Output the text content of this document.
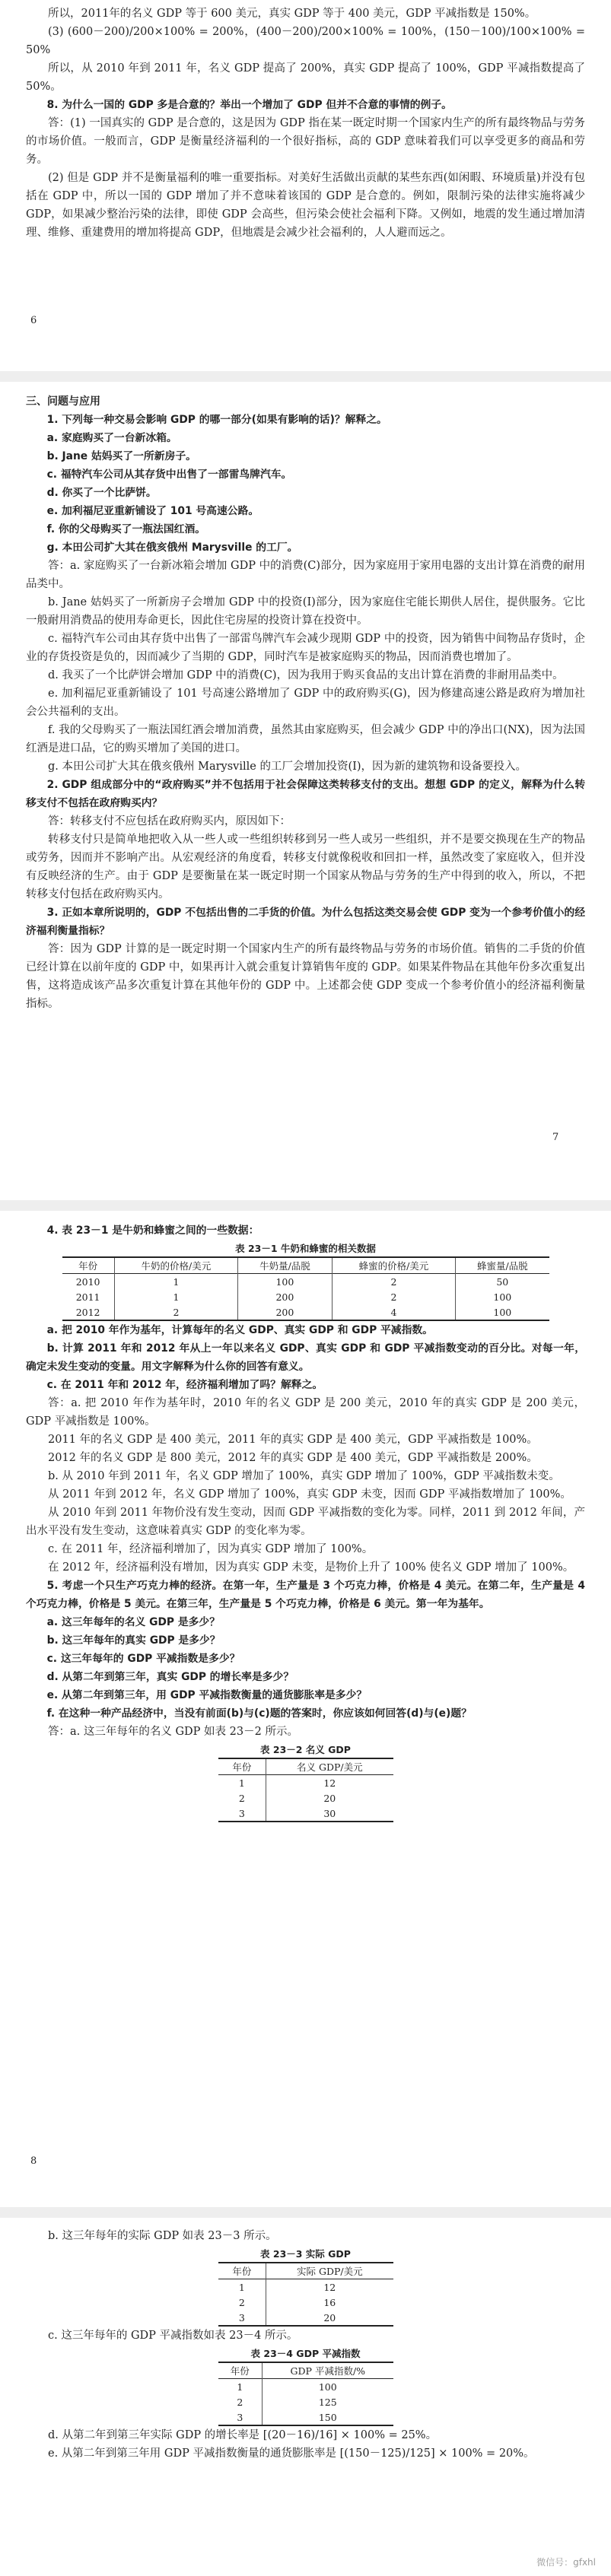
所以，2011年的名义 GDP 等于 600 美元，真实 GDP 等于 400 美元，GDP 平减指数是 150%。

(3) (600－200)/200×100% = 200%，(400－200)/200×100% = 100%，(150－100)/100×100% = 50%

所以，从 2010 年到 2011 年，名义 GDP 提高了 200%，真实 GDP 提高了 100%，GDP 平减指数提高了 50%。

8. 为什么一国的 GDP 多是合意的？举出一个增加了 GDP 但并不合意的事情的例子。

答：(1) 一国真实的 GDP 是合意的，这是因为 GDP 指在某一既定时期一个国家内生产的所有最终物品与劳务的市场价值。一般而言，GDP 是衡量经济福利的一个很好指标，高的 GDP 意味着我们可以享受更多的商品和劳务。

(2) 但是 GDP 并不是衡量福利的唯一重要指标。对美好生活做出贡献的某些东西(如闲暇、环境质量)并没有包括在 GDP 中，所以一国的 GDP 增加了并不意味着该国的 GDP 是合意的。例如，限制污染的法律实施将减少 GDP，如果减少整治污染的法律，即使 GDP 会高些，但污染会使社会福利下降。又例如，地震的发生通过增加清理、维修、重建费用的增加将提高 GDP，但地震是会减少社会福利的，人人避而远之。

6

三、问题与应用

1. 下列每一种交易会影响 GDP 的哪一部分(如果有影响的话)？解释之。

a. 家庭购买了一台新冰箱。

b. Jane 姑妈买了一所新房子。

c. 福特汽车公司从其存货中出售了一部雷鸟牌汽车。

d. 你买了一个比萨饼。

e. 加利福尼亚重新铺设了 101 号高速公路。

f. 你的父母购买了一瓶法国红酒。

g. 本田公司扩大其在俄亥俄州 Marysville 的工厂。

答：a. 家庭购买了一台新冰箱会增加 GDP 中的消费(C)部分，因为家庭用于家用电器的支出计算在消费的耐用品类中。

b. Jane 姑妈买了一所新房子会增加 GDP 中的投资(I)部分，因为家庭住宅能长期供人居住，提供服务。它比一般耐用消费品的使用寿命更长，因此住宅房屋的投资计算在投资中。

c. 福特汽车公司由其存货中出售了一部雷鸟牌汽车会减少现期 GDP 中的投资，因为销售中间物品存货时，企业的存货投资是负的，因而减少了当期的 GDP，同时汽车是被家庭购买的物品，因而消费也增加了。

d. 我买了一个比萨饼会增加 GDP 中的消费(C)，因为我用于购买食品的支出计算在消费的非耐用品类中。

e. 加利福尼亚重新铺设了 101 号高速公路增加了 GDP 中的政府购买(G)，因为修建高速公路是政府为增加社会公共福利的支出。

f. 我的父母购买了一瓶法国红酒会增加消费，虽然其由家庭购买，但会减少 GDP 中的净出口(NX)，因为法国红酒是进口品，它的购买增加了美国的进口。

g. 本田公司扩大其在俄亥俄州 Marysville 的工厂会增加投资(I)，因为新的建筑物和设备要投入。

2. GDP 组成部分中的“政府购买”并不包括用于社会保障这类转移支付的支出。想想 GDP 的定义，解释为什么转移支付不包括在政府购买内？

答：转移支付不应包括在政府购买内，原因如下：

转移支付只是简单地把收入从一些人或一些组织转移到另一些人或另一些组织，并不是要交换现在生产的物品或劳务，因而并不影响产出。从宏观经济的角度看，转移支付就像税收和回扣一样，虽然改变了家庭收入，但并没有反映经济的生产。由于 GDP 是要衡量在某一既定时期一个国家从物品与劳务的生产中得到的收入，所以，不把转移支付包括在政府购买内。

3. 正如本章所说明的，GDP 不包括出售的二手货的价值。为什么包括这类交易会使 GDP 变为一个参考价值小的经济福利衡量指标？

答：因为 GDP 计算的是一既定时期一个国家内生产的所有最终物品与劳务的市场价值。销售的二手货的价值已经计算在以前年度的 GDP 中，如果再计入就会重复计算销售年度的 GDP。如果某件物品在其他年份多次重复出售，这将造成该产品多次重复计算在其他年份的 GDP 中。上述都会使 GDP 变成一个参考价值小的经济福利衡量指标。

7

4. 表 23－1 是牛奶和蜂蜜之间的一些数据：

表 23－1 牛奶和蜂蜜的相关数据
年份	牛奶的价格/美元	牛奶量/品脱	蜂蜜的价格/美元	蜂蜜量/品脱
2010	1	100	2	50
2011	1	200	2	100
2012	2	200	4	100

a. 把 2010 年作为基年，计算每年的名义 GDP、真实 GDP 和 GDP 平减指数。

b. 计算 2011 年和 2012 年从上一年以来名义 GDP、真实 GDP 和 GDP 平减指数变动的百分比。对每一年，确定未发生变动的变量。用文字解释为什么你的回答有意义。

c. 在 2011 年和 2012 年，经济福利增加了吗？解释之。

答：a. 把 2010 年作为基年时，2010 年的名义 GDP 是 200 美元，2010 年的真实 GDP 是 200 美元，GDP 平减指数是 100%。

2011 年的名义 GDP 是 400 美元，2011 年的真实 GDP 是 400 美元，GDP 平减指数是 100%。

2012 年的名义 GDP 是 800 美元，2012 年的真实 GDP 是 400 美元，GDP 平减指数是 200%。

b. 从 2010 年到 2011 年，名义 GDP 增加了 100%，真实 GDP 增加了 100%，GDP 平减指数未变。

从 2011 年到 2012 年，名义 GDP 增加了 100%，真实 GDP 未变，因而 GDP 平减指数增加了 100%。

从 2010 年到 2011 年物价没有发生变动，因而 GDP 平减指数的变化为零。同样，2011 到 2012 年间，产出水平没有发生变动，这意味着真实 GDP 的变化率为零。

c. 在 2011 年，经济福利增加了，因为真实 GDP 增加了 100%。

在 2012 年，经济福利没有增加，因为真实 GDP 未变，是物价上升了 100% 使名义 GDP 增加了 100%。

5. 考虑一个只生产巧克力棒的经济。在第一年，生产量是 3 个巧克力棒，价格是 4 美元。在第二年，生产量是 4 个巧克力棒，价格是 5 美元。在第三年，生产量是 5 个巧克力棒，价格是 6 美元。第一年为基年。

a. 这三年每年的名义 GDP 是多少？

b. 这三年每年的真实 GDP 是多少？

c. 这三年每年的 GDP 平减指数是多少？

d. 从第二年到第三年，真实 GDP 的增长率是多少？

e. 从第二年到第三年，用 GDP 平减指数衡量的通货膨胀率是多少？

f. 在这种一种产品经济中，当没有前面(b)与(c)题的答案时，你应该如何回答(d)与(e)题？

答：a. 这三年每年的名义 GDP 如表 23－2 所示。

表 23－2 名义 GDP
年份	名义 GDP/美元
1	12
2	20
3	30
8

b. 这三年每年的实际 GDP 如表 23－3 所示。

表 23－3 实际 GDP
年份	实际 GDP/美元
1	12
2	16
3	20

c. 这三年每年的 GDP 平减指数如表 23－4 所示。

表 23－4 GDP 平减指数
年份	GDP 平减指数/%
1	100
2	125
3	150

d. 从第二年到第三年实际 GDP 的增长率是 [(20－16)/16] × 100% = 25%。

e. 从第二年到第三年用 GDP 平减指数衡量的通货膨胀率是 [(150－125)/125] × 100% = 20%。

微信号：gfxhl
